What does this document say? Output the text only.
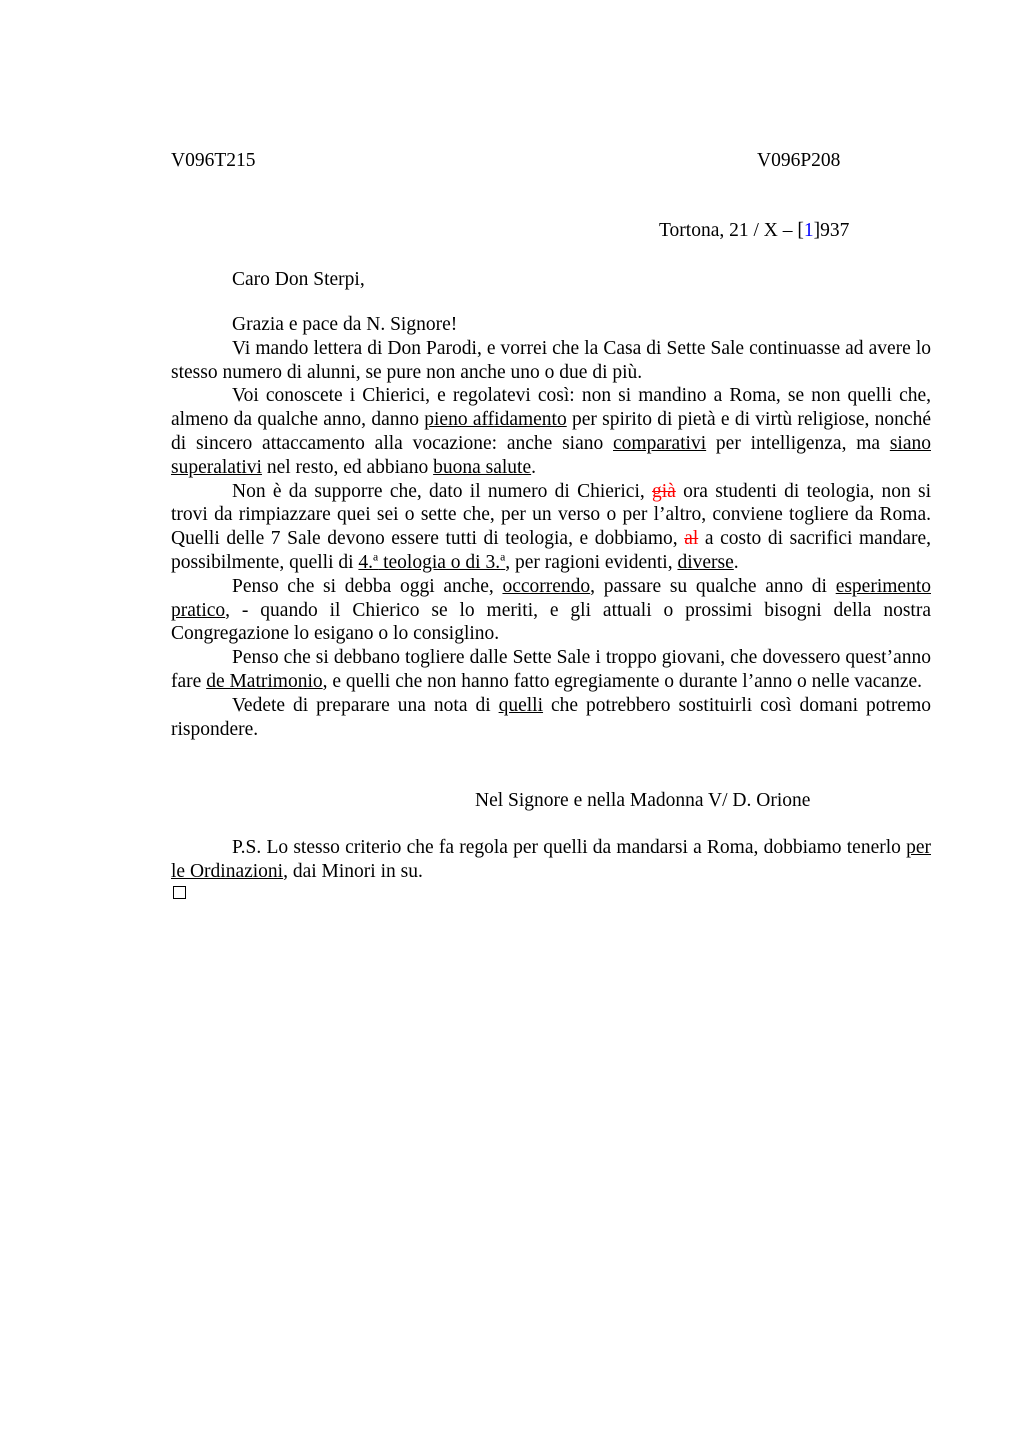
V096T215	V096P208
Tortona, 21 / X – [1]937
Caro Don Sterpi,

Grazia e pace da N. Signore!

Vi mando lettera di Don Parodi, e vorrei che la Casa di Sette Sale continuasse ad avere lo stesso numero di alunni, se pure non anche uno o due di più.

Voi conoscete i Chierici, e regolatevi così: non si mandino a Roma, se non quelli che, almeno da qualche anno, danno pieno affidamento per spirito di pietà e di virtù religiose, nonché di sincero attaccamento alla vocazione: anche siano comparativi per intelligenza, ma siano superalativi nel resto, ed abbiano buona salute.

Non è da supporre che, dato il numero di Chierici, già ora studenti di teologia, non si trovi da rimpiazzare quei sei o sette che, per un verso o per l’altro, conviene togliere da Roma. Quelli delle 7 Sale devono essere tutti di teologia, e dobbiamo, al a costo di sacrifici mandare, possibilmente, quelli di 4.$^a$ teologia o di 3.$^a$, per ragioni evidenti, diverse.

Penso che si debba oggi anche, occorrendo, passare su qualche anno di esperimento pratico, - quando il Chierico se lo meriti, e gli attuali o prossimi bisogni della nostra Congregazione lo esigano o lo consiglino.

Penso che si debbano togliere dalle Sette Sale i troppo giovani, che dovessero quest’anno fare de Matrimonio, e quelli che non hanno fatto egregiamente o durante l’anno o nelle vacanze.

Vedete di preparare una nota di quelli che potrebbero sostituirli così domani potremo rispondere.

Nel Signore e nella Madonna V/ D. Orione

P.S. Lo stesso criterio che fa regola per quelli da mandarsi a Roma, dobbiamo tenerlo per le Ordinazioni, dai Minori in su.
